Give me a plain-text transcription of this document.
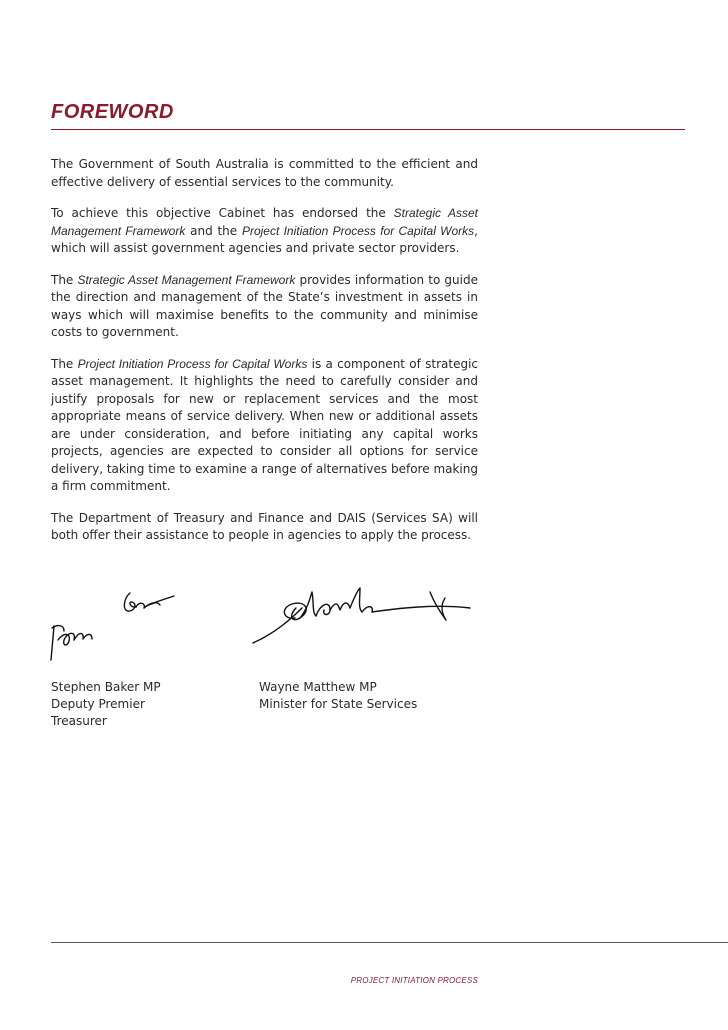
FOREWORD

The Government of South Australia is committed to the efficient and effective delivery of essential services to the community.

To achieve this objective Cabinet has endorsed the Strategic Asset Management Framework and the Project Initiation Process for Capital Works, which will assist government agencies and private sector providers.

The Strategic Asset Management Framework provides information to guide the direction and management of the State’s investment in assets in ways which will maximise benefits to the community and minimise costs to government.

The Project Initiation Process for Capital Works is a component of strategic asset management. It highlights the need to carefully consider and justify proposals for new or replacement services and the most appropriate means of service delivery. When new or additional assets are under consideration, and before initiating any capital works projects, agencies are expected to consider all options for service delivery, taking time to examine a range of alternatives before making a firm commitment.

The Department of Treasury and Finance and DAIS (Services SA) will both offer their assistance to people in agencies to apply the process.

Stephen Baker MP
Deputy Premier
Treasurer
Wayne Matthew MP
Minister for State Services
PROJECT INITIATION PROCESS
